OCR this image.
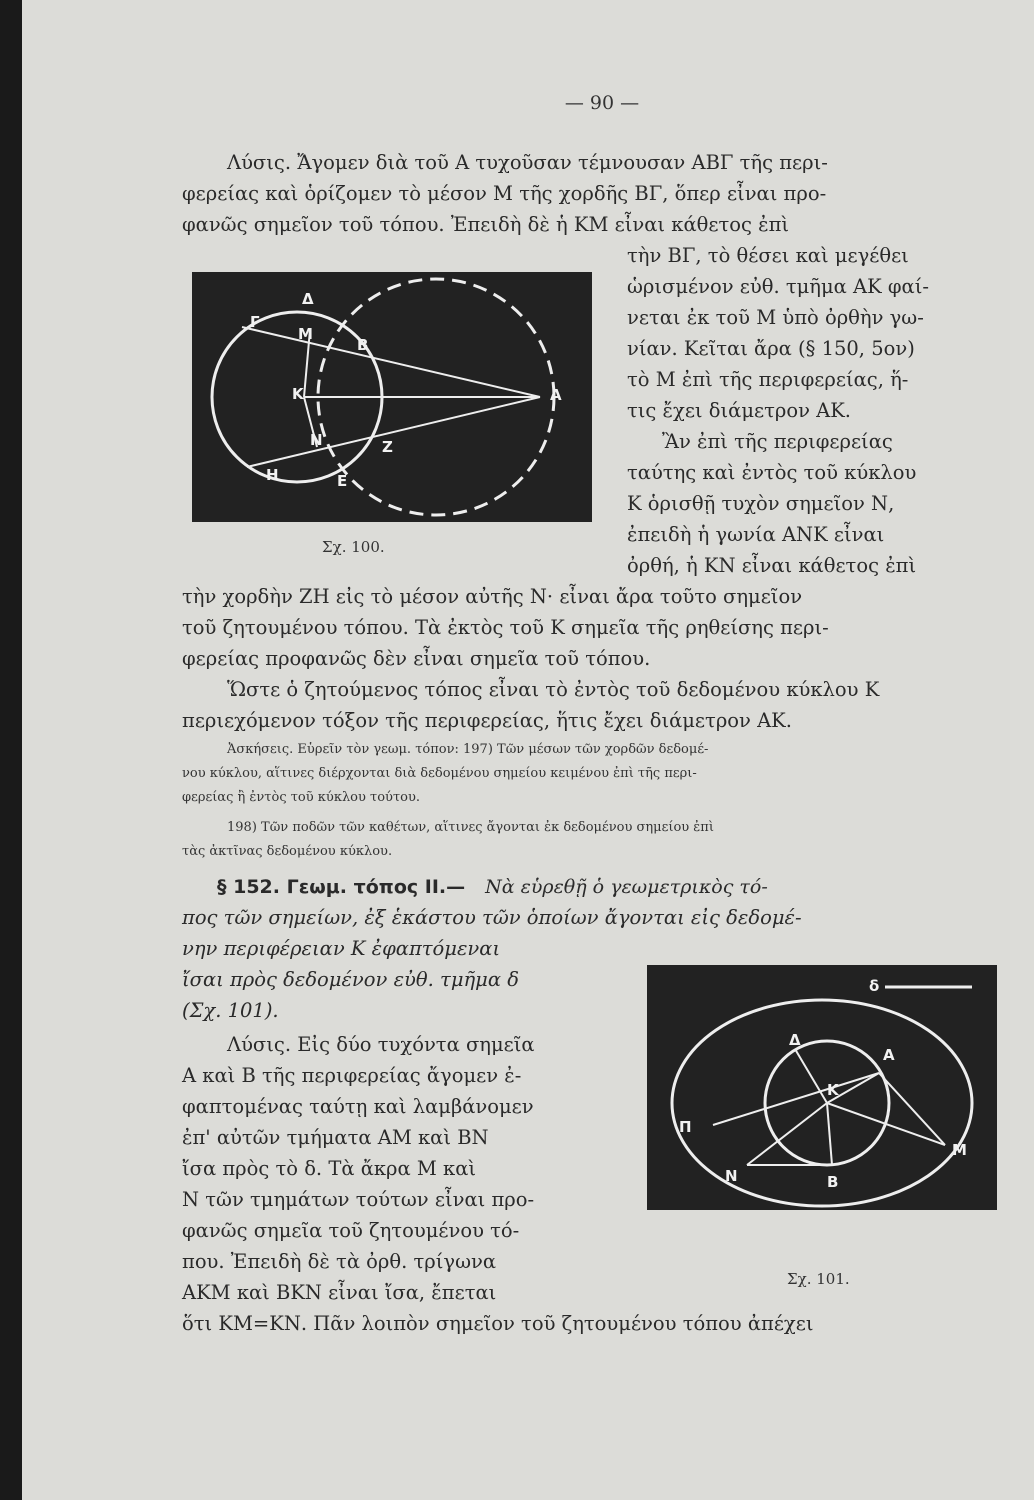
— 90 —
Λύσις. Ἄγομεν διὰ τοῦ Α τυχοῦσαν τέμνουσαν ΑΒΓ τῆς περι-
φερείας καὶ ὁρίζομεν τὸ μέσον Μ τῆς χορδῆς ΒΓ, ὅπερ εἶναι προ-
φανῶς σημεῖον τοῦ τόπου. Ἐπειδὴ δὲ ἡ ΚΜ εἶναι κάθετος ἐπὶ
τὴν ΒΓ, τὸ θέσει καὶ μεγέθει
ὡρισμένον εὐθ. τμῆμα ΑΚ φαί-
νεται ἐκ τοῦ Μ ὑπὸ ὀρθὴν γω-
νίαν. Κεῖται ἄρα (§ 150, 5ον)
τὸ Μ ἐπὶ τῆς περιφερείας, ἥ-
τις ἔχει διάμετρον ΑΚ.
Ἂν ἐπὶ τῆς περιφερείας
ταύτης καὶ ἐντὸς τοῦ κύκλου
Κ ὁρισθῇ τυχὸν σημεῖον Ν,
ἐπειδὴ ἡ γωνία ΑΝΚ εἶναι
ὀρθή, ἡ ΚΝ εἶναι κάθετος ἐπὶ
τὴν χορδὴν ΖΗ εἰς τὸ μέσον αὐτῆς Ν· εἶναι ἄρα τοῦτο σημεῖον
τοῦ ζητουμένου τόπου. Τὰ ἐκτὸς τοῦ Κ σημεῖα τῆς ρηθείσης περι-
φερείας προφανῶς δὲν εἶναι σημεῖα τοῦ τόπου.
Ὥστε ὁ ζητούμενος τόπος εἶναι τὸ ἐντὸς τοῦ δεδομένου κύκλου Κ
περιεχόμενον τόξον τῆς περιφερείας, ἥτις ἔχει διάμετρον ΑΚ.
Γ
Δ
Μ
Β
Κ	Α
Ν	Ζ
Η	Ε
Σχ. 100.
Ἀσκήσεις. Εὑρεῖν τὸν γεωμ. τόπον: 197) Τῶν μέσων τῶν χορδῶν δεδομέ-
νου κύκλου, αἵτινες διέρχονται διὰ δεδομένου σημείου κειμένου ἐπὶ τῆς περι-
φερείας ἢ ἐντὸς τοῦ κύκλου τούτου.
198) Τῶν ποδῶν τῶν καθέτων, αἵτινες ἄγονται ἐκ δεδομένου σημείου ἐπὶ
τὰς ἀκτῖνας δεδομένου κύκλου.
§ 152. Γεωμ. τόπος II.— Νὰ εὑρεθῇ ὁ γεωμετρικὸς τό-
πος τῶν σημείων, ἐξ ἑκάστου τῶν ὁποίων ἄγονται εἰς δεδομέ-
νην περιφέρειαν Κ ἐφαπτόμεναι
ἴσαι πρὸς δεδομένον εὐθ. τμῆμα δ
(Σχ. 101).
Λύσις. Εἰς δύο τυχόντα σημεῖα
Α καὶ Β τῆς περιφερείας ἄγομεν ἐ-
φαπτομένας ταύτῃ καὶ λαμβάνομεν
ἐπ' αὐτῶν τμήματα ΑΜ καὶ ΒΝ
ἴσα πρὸς τὸ δ. Τὰ ἄκρα Μ καὶ
Ν τῶν τμημάτων τούτων εἶναι προ-
φανῶς σημεῖα τοῦ ζητουμένου τό-
που. Ἐπειδὴ δὲ τὰ ὀρθ. τρίγωνα
ΑΚΜ καὶ ΒΚΝ εἶναι ἴσα, ἔπεται
ὅτι ΚΜ=ΚΝ. Πᾶν λοιπὸν σημεῖον τοῦ ζητουμένου τόπου ἀπέχει
δ
Δ
Α
Κ
Π
Ν	Β
Μ
Σχ. 101.
